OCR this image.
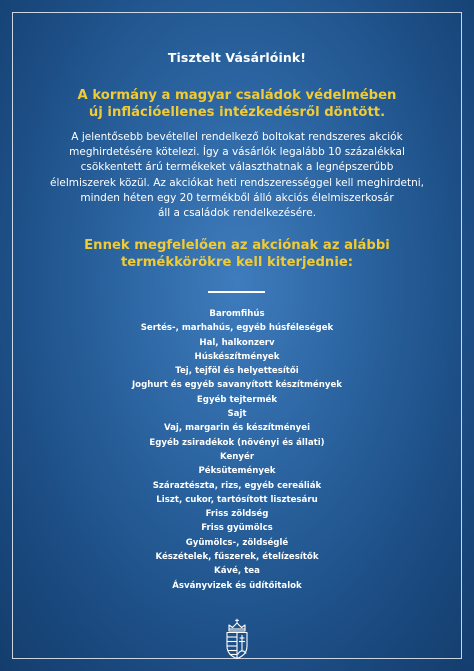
Tisztelt Vásárlóink!
A kormány a magyar családok védelmében
új inflációellenes intézkedésről döntött.
A jelentősebb bevétellel rendelkező boltokat rendszeres akciók
meghirdetésére kötelezi. Így a vásárlók legalább 10 százalékkal
csökkentett árú termékeket választhatnak a legnépszerűbb
élelmiszerek közül. Az akciókat heti rendszerességgel kell meghirdetni,
minden héten egy 20 termékből álló akciós élelmiszerkosár
áll a családok rendelkezésére.
Ennek megfelelően az akciónak az alábbi
termékkörökre kell kiterjednie:
Baromfihús
Sertés-, marhahús, egyéb húsféleségek
Hal, halkonzerv
Húskészítmények
Tej, tejföl és helyettesítői
Joghurt és egyéb savanyított készítmények
Egyéb tejtermék
Sajt
Vaj, margarin és készítményei
Egyéb zsiradékok (növényi és állati)
Kenyér
Péksütemények
Száraztészta, rizs, egyéb cereáliák
Liszt, cukor, tartósított lisztesáru
Friss zöldség
Friss gyümölcs
Gyümölcs-, zöldséglé
Készételek, fűszerek, ételízesítők
Kávé, tea
Ásványvizek és üdítőitalok
